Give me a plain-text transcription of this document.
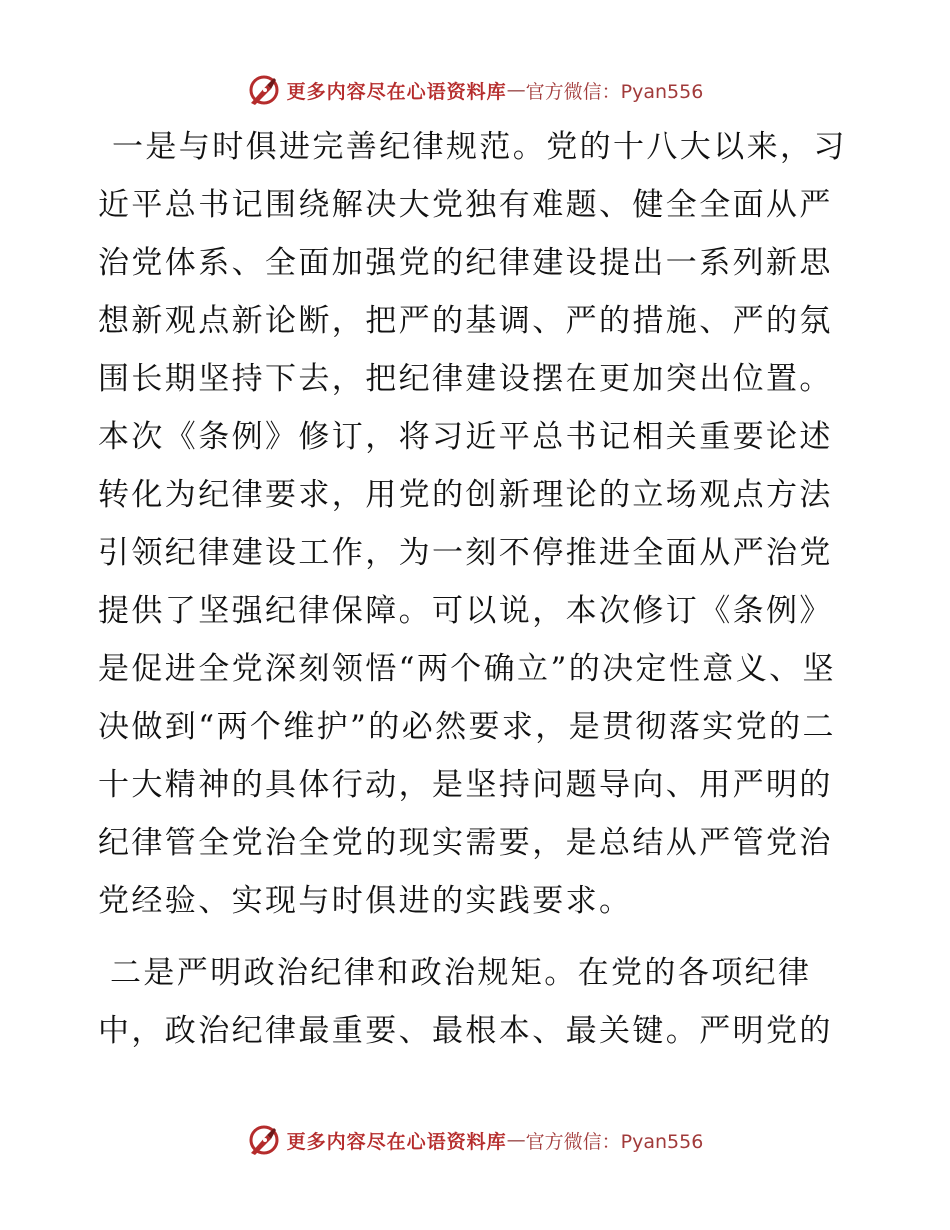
更多内容尽在心语资料库 — 官方微信：Pyan556

一是与时俱进完善纪律规范。党的十八大以来，习近平总书记围绕解决大党独有难题、健全全面从严治党体系、全面加强党的纪律建设提出一系列新思想新观点新论断，把严的基调、严的措施、严的氛围长期坚持下去，把纪律建设摆在更加突出位置。本次《条例》修订，将习近平总书记相关重要论述转化为纪律要求，用党的创新理论的立场观点方法引领纪律建设工作，为一刻不停推进全面从严治党提供了坚强纪律保障。可以说，本次修订《条例》是促进全党深刻领悟“两个确立”的决定性意义、坚决做到“两个维护”的必然要求，是贯彻落实党的二十大精神的具体行动，是坚持问题导向、用严明的纪律管全党治全党的现实需要，是总结从严管党治党经验、实现与时俱进的实践要求。

二是严明政治纪律和政治规矩。在党的各项纪律中，政治纪律最重要、最根本、最关键。严明党的

更多内容尽在心语资料库 — 官方微信：Pyan556
